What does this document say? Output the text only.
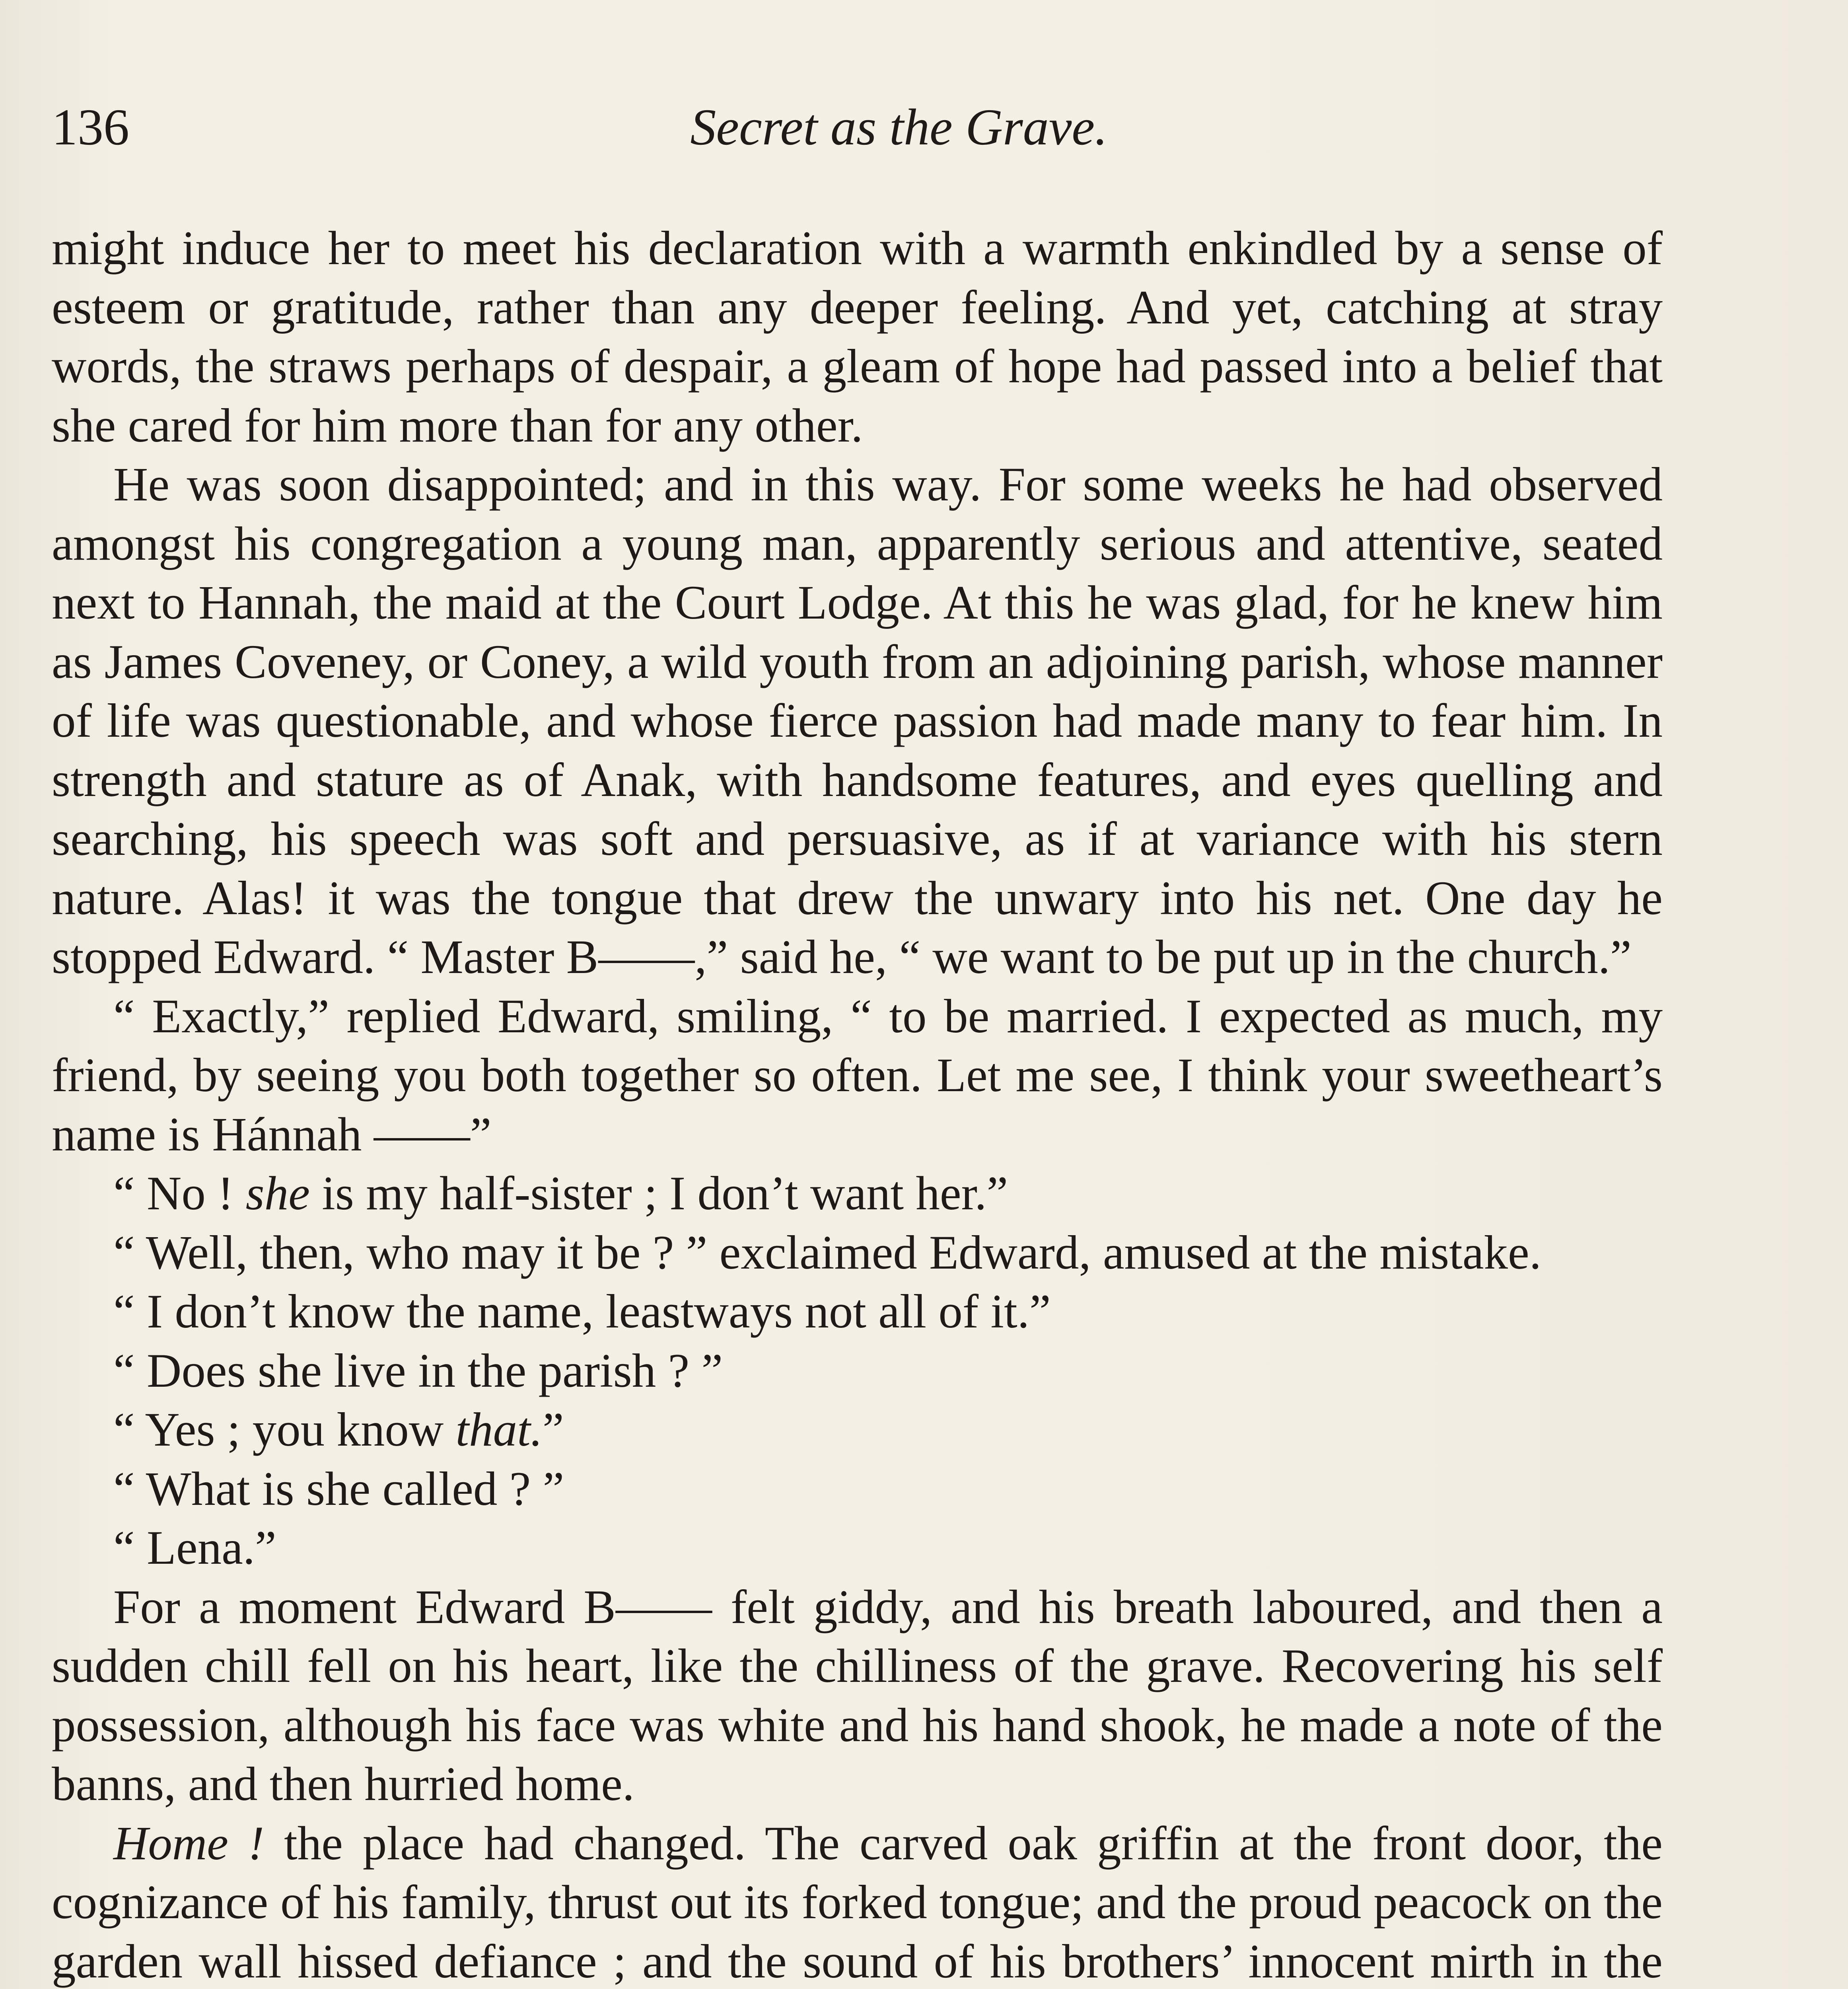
136	Secret as the Grave.

might induce her to meet his declaration with a warmth enkindled by a sense of esteem or gratitude, rather than any deeper feeling. And yet, catching at stray words, the straws perhaps of despair, a gleam of hope had passed into a belief that she cared for him more than for any other.

He was soon disappointed; and in this way. For some weeks he had observed amongst his congregation a young man, apparently serious and attentive, seated next to Hannah, the maid at the Court Lodge. At this he was glad, for he knew him as James Coveney, or Coney, a wild youth from an adjoining parish, whose manner of life was questionable, and whose fierce passion had made many to fear him. In strength and stature as of Anak, with handsome features, and eyes quelling and searching, his speech was soft and persuasive, as if at variance with his stern nature. Alas! it was the tongue that drew the unwary into his net. One day he stopped Edward. “ Master B——,” said he, “ we want to be put up in the church.”

“ Exactly,” replied Edward, smiling, “ to be married. I expected as much, my friend, by seeing you both together so often. Let me see, I think your sweetheart’s name is Hánnah ——”

“ No ! she is my half-sister ; I don’t want her.”

“ Well, then, who may it be ? ” exclaimed Edward, amused at the mistake.

“ I don’t know the name, leastways not all of it.”

“ Does she live in the parish ? ”

“ Yes ; you know that.”

“ What is she called ? ”

“ Lena.”

For a moment Edward B—— felt giddy, and his breath laboured, and then a sudden chill fell on his heart, like the chilliness of the grave. Recovering his self possession, although his face was white and his hand shook, he made a note of the banns, and then hurried home.

Home ! the place had changed. The carved oak griffin at the front door, the cognizance of his family, thrust out its forked tongue; and the proud peacock on the garden wall hissed defiance ; and the sound of his brothers’ innocent mirth in the
